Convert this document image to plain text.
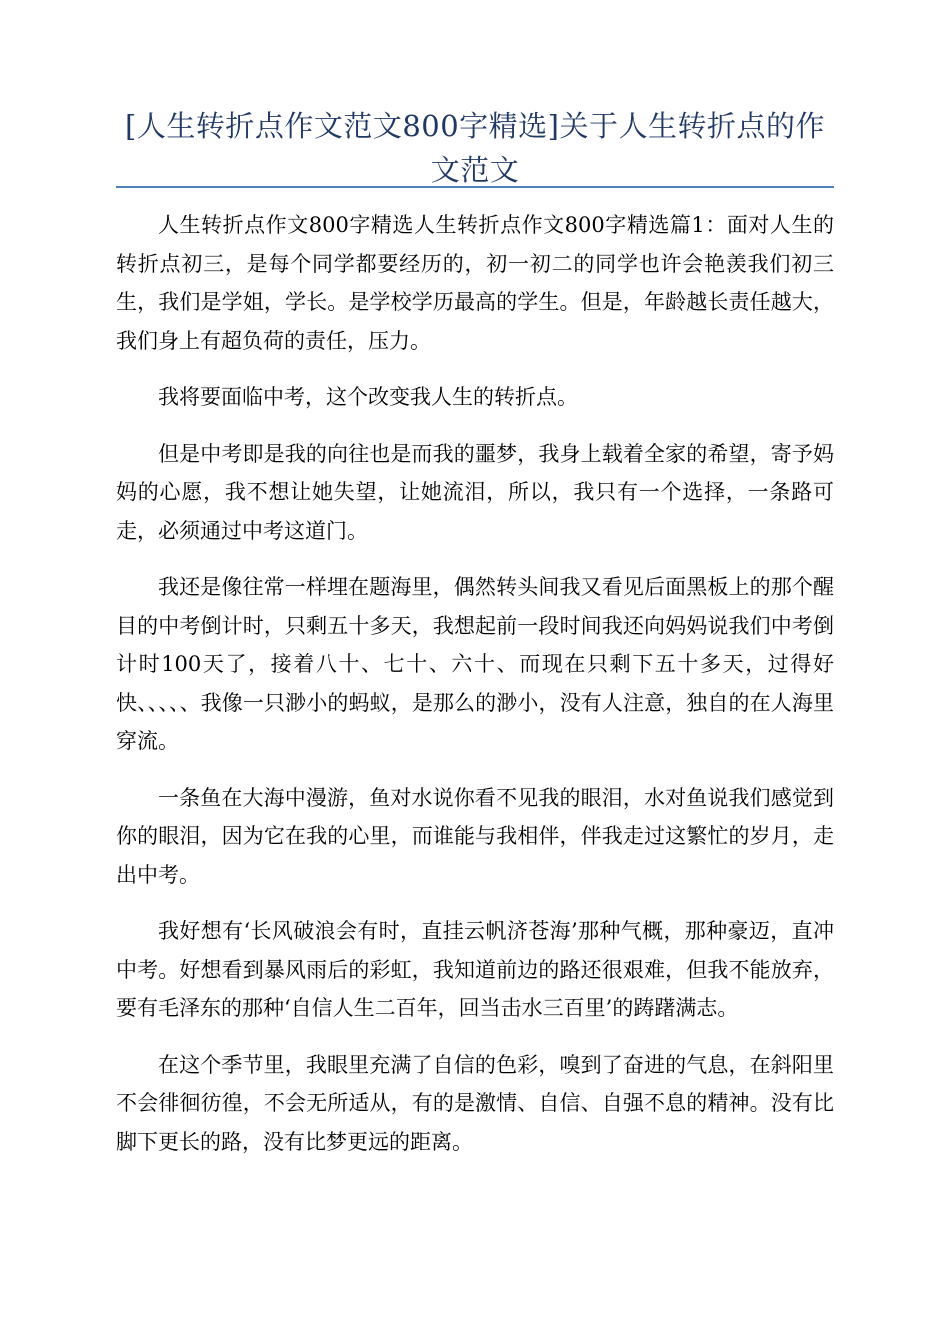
[人生转折点作文范文800字精选]关于人生转折点的作文范文

人生转折点作文800字精选人生转折点作文800字精选篇1：面对人生的转折点初三，是每个同学都要经历的，初一初二的同学也许会艳羡我们初三生，我们是学姐，学长。是学校学历最高的学生。但是，年龄越长责任越大，我们身上有超负荷的责任，压力。

我将要面临中考，这个改变我人生的转折点。

但是中考即是我的向往也是而我的噩梦，我身上载着全家的希望，寄予妈妈的心愿，我不想让她失望，让她流泪，所以，我只有一个选择，一条路可走，必须通过中考这道门。

我还是像往常一样埋在题海里，偶然转头间我又看见后面黑板上的那个醒目的中考倒计时，只剩五十多天，我想起前一段时间我还向妈妈说我们中考倒计时100天了，接着八十、七十、六十、而现在只剩下五十多天，过得好快、、、、、我像一只渺小的蚂蚁，是那么的渺小，没有人注意，独自的在人海里穿流。

一条鱼在大海中漫游，鱼对水说你看不见我的眼泪，水对鱼说我们感觉到你的眼泪，因为它在我的心里，而谁能与我相伴，伴我走过这繁忙的岁月，走出中考。

我好想有‘长风破浪会有时，直挂云帆济苍海’那种气概，那种豪迈，直冲中考。好想看到暴风雨后的彩虹，我知道前边的路还很艰难，但我不能放弃，要有毛泽东的那种‘自信人生二百年，回当击水三百里’的踌躇满志。

在这个季节里，我眼里充满了自信的色彩，嗅到了奋进的气息，在斜阳里不会徘徊彷徨，不会无所适从，有的是激情、自信、自强不息的精神。没有比脚下更长的路，没有比梦更远的距离。
